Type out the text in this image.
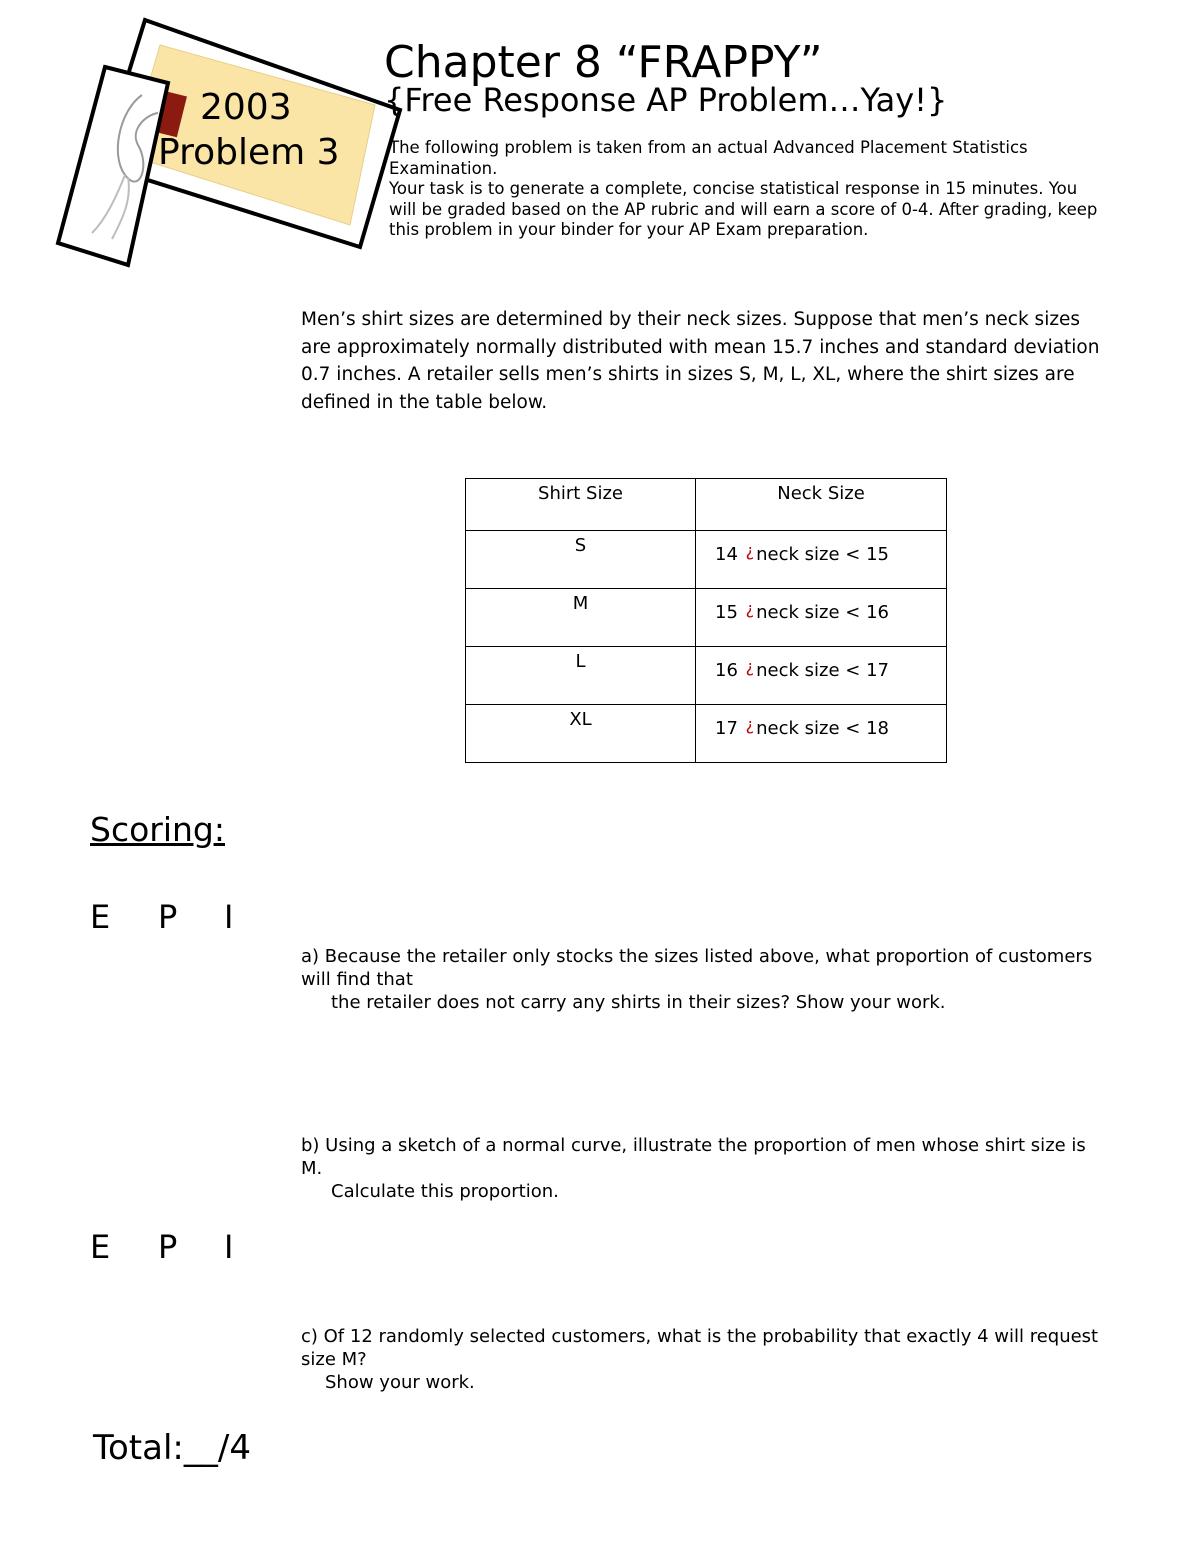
2003
Problem 3
Chapter 8 “FRAPPY”
{Free Response AP Problem…Yay!}
The following problem is taken from an actual Advanced Placement Statistics Examination.
Your task is to generate a complete, concise statistical response in 15 minutes. You will be graded based on the AP rubric and will earn a score of 0-4. After grading, keep this problem in your binder for your AP Exam preparation.
Men’s shirt sizes are determined by their neck sizes. Suppose that men’s neck sizes are approximately normally distributed with mean 15.7 inches and standard deviation 0.7 inches. A retailer sells men’s shirts in sizes S, M, L, XL, where the shirt sizes are defined in the table below.
Shirt Size	Neck Size
S	14 ¿ neck size < 15
M	15 ¿ neck size < 16
L	16 ¿ neck size < 17
XL	17 ¿ neck size < 18
Scoring:
E	P	I
E	P	I
Total:__/4
a) Because the retailer only stocks the sizes listed above, what proportion of customers will find that
the retailer does not carry any shirts in their sizes? Show your work.
b) Using a sketch of a normal curve, illustrate the proportion of men whose shirt size is M.
Calculate this proportion.
c) Of 12 randomly selected customers, what is the probability that exactly 4 will request size M?
Show your work.
